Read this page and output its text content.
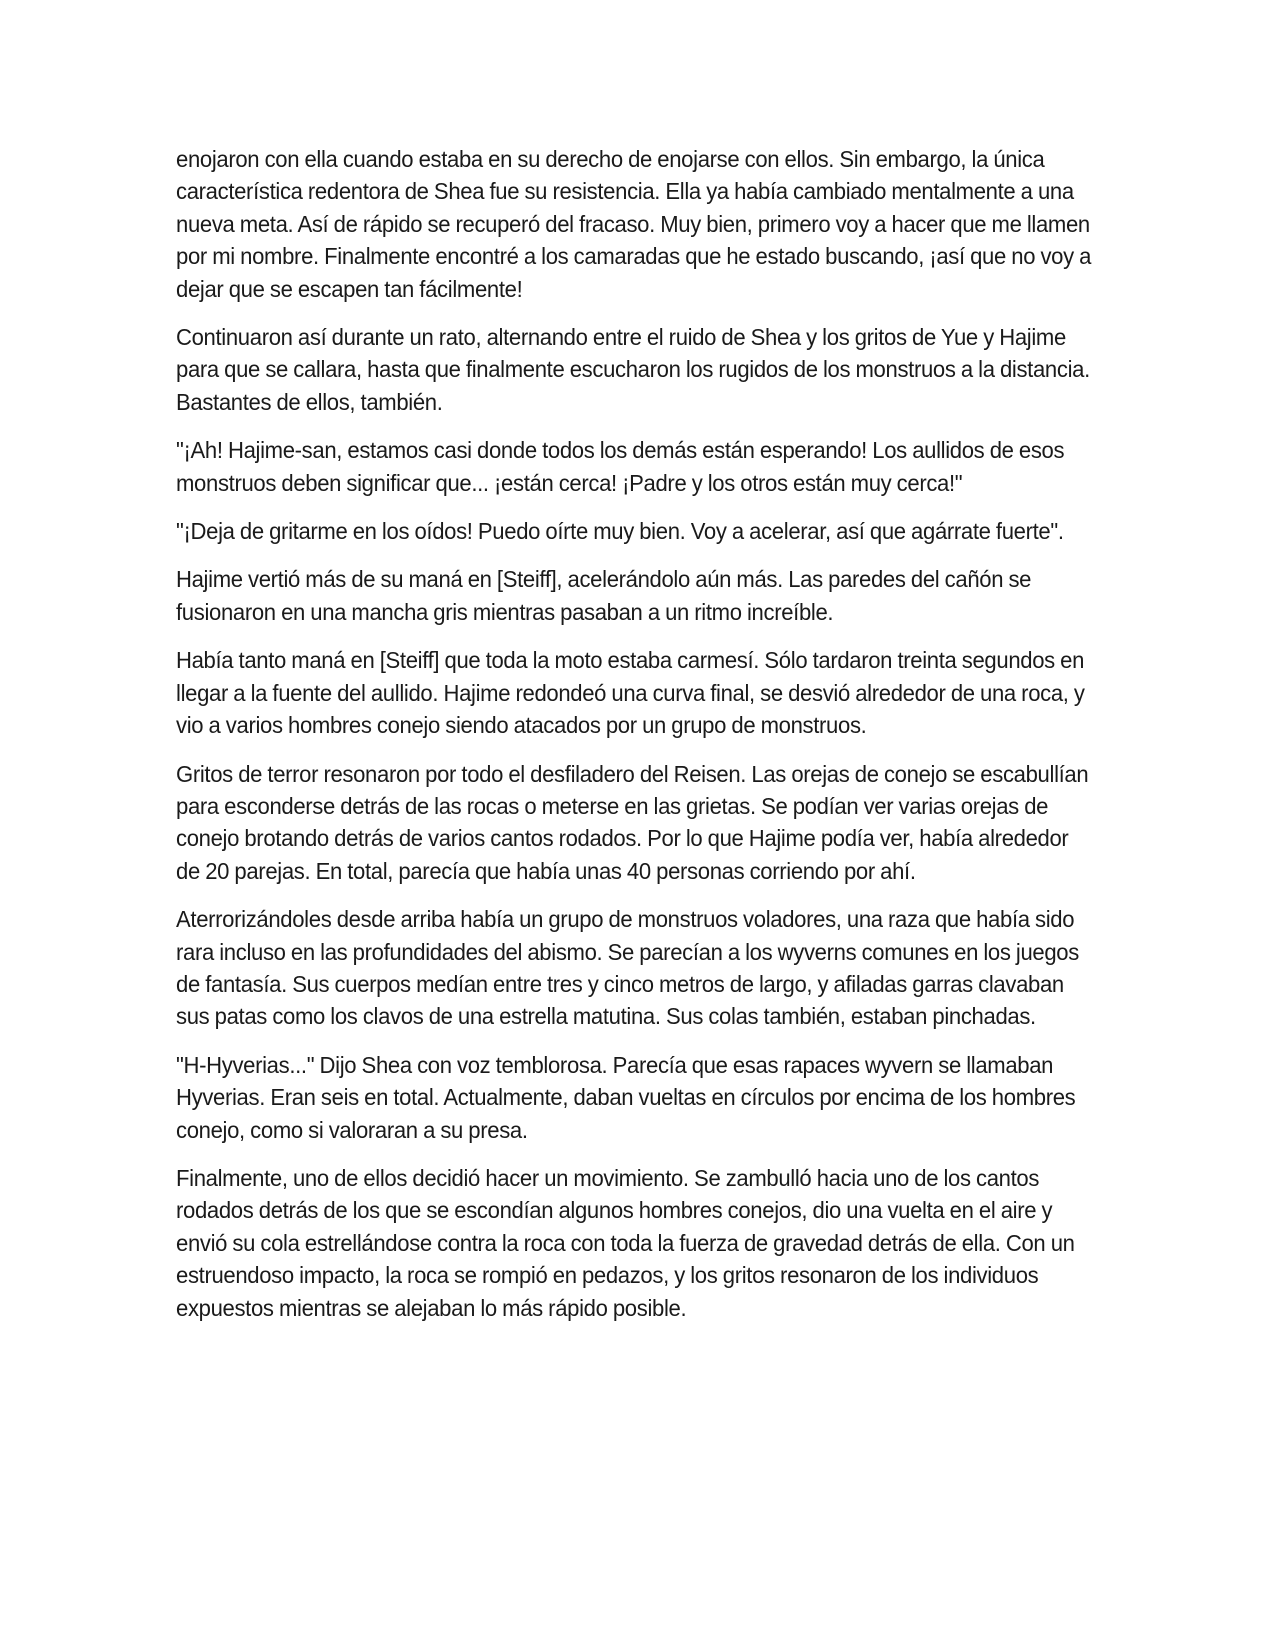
enojaron con ella cuando estaba en su derecho de enojarse con ellos. Sin embargo, la única característica redentora de Shea fue su resistencia. Ella ya había cambiado mentalmente a una nueva meta. Así de rápido se recuperó del fracaso. Muy bien, primero voy a hacer que me llamen por mi nombre. Finalmente encontré a los camaradas que he estado buscando, ¡así que no voy a dejar que se escapen tan fácilmente!

Continuaron así durante un rato, alternando entre el ruido de Shea y los gritos de Yue y Hajime para que se callara, hasta que finalmente escucharon los rugidos de los monstruos a la distancia. Bastantes de ellos, también.

"¡Ah! Hajime-san, estamos casi donde todos los demás están esperando! Los aullidos de esos monstruos deben significar que... ¡están cerca! ¡Padre y los otros están muy cerca!"

"¡Deja de gritarme en los oídos! Puedo oírte muy bien. Voy a acelerar, así que agárrate fuerte".

Hajime vertió más de su maná en [Steiff], acelerándolo aún más. Las paredes del cañón se fusionaron en una mancha gris mientras pasaban a un ritmo increíble.

Había tanto maná en [Steiff] que toda la moto estaba carmesí. Sólo tardaron treinta segundos en llegar a la fuente del aullido. Hajime redondeó una curva final, se desvió alrededor de una roca, y vio a varios hombres conejo siendo atacados por un grupo de monstruos.

Gritos de terror resonaron por todo el desfiladero del Reisen. Las orejas de conejo se escabullían para esconderse detrás de las rocas o meterse en las grietas. Se podían ver varias orejas de conejo brotando detrás de varios cantos rodados. Por lo que Hajime podía ver, había alrededor de 20 parejas. En total, parecía que había unas 40 personas corriendo por ahí.

Aterrorizándoles desde arriba había un grupo de monstruos voladores, una raza que había sido rara incluso en las profundidades del abismo. Se parecían a los wyverns comunes en los juegos de fantasía. Sus cuerpos medían entre tres y cinco metros de largo, y afiladas garras clavaban sus patas como los clavos de una estrella matutina. Sus colas también, estaban pinchadas.

"H-Hyverias..." Dijo Shea con voz temblorosa. Parecía que esas rapaces wyvern se llamaban Hyverias. Eran seis en total. Actualmente, daban vueltas en círculos por encima de los hombres conejo, como si valoraran a su presa.

Finalmente, uno de ellos decidió hacer un movimiento. Se zambulló hacia uno de los cantos rodados detrás de los que se escondían algunos hombres conejos, dio una vuelta en el aire y envió su cola estrellándose contra la roca con toda la fuerza de gravedad detrás de ella. Con un estruendoso impacto, la roca se rompió en pedazos, y los gritos resonaron de los individuos expuestos mientras se alejaban lo más rápido posible.
